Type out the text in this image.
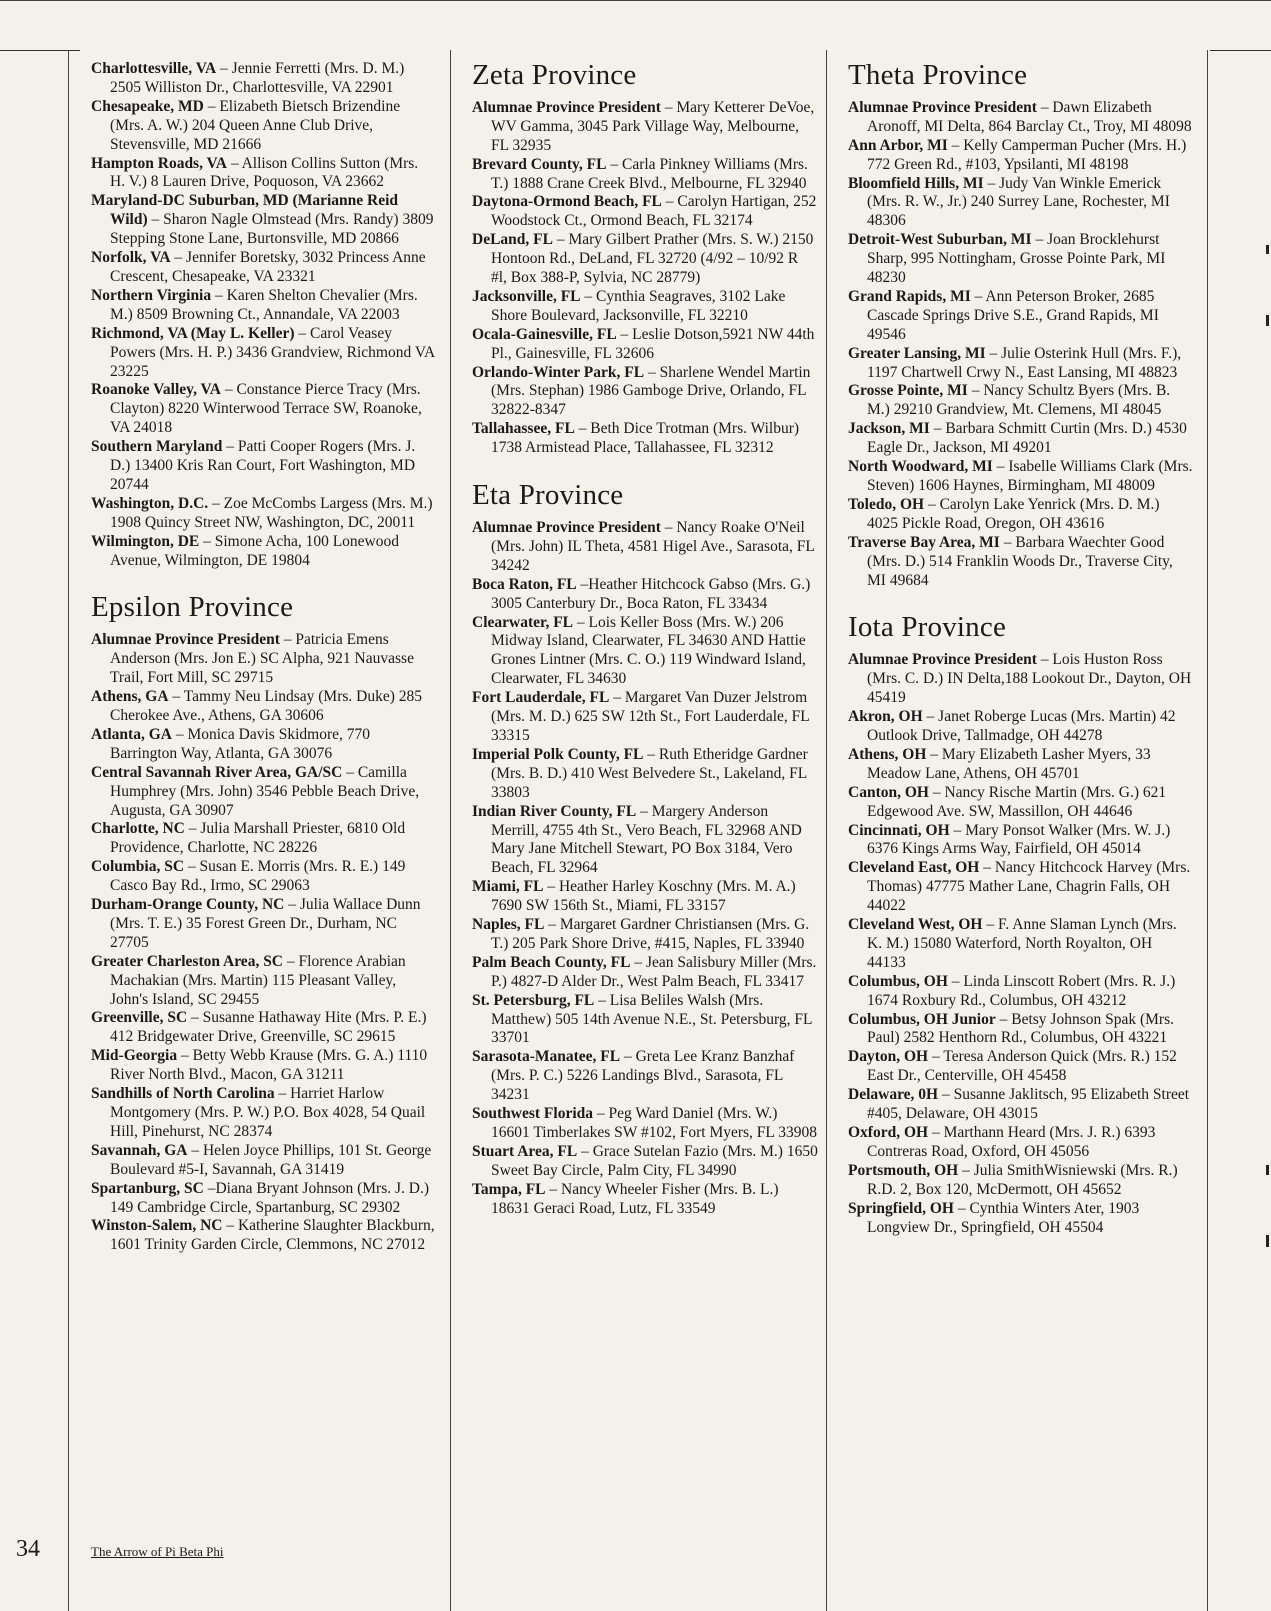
Charlottesville, VA – Jennie Ferretti (Mrs. D. M.) 2505 Williston Dr., Charlottesville, VA 22901

Chesapeake, MD – Elizabeth Bietsch Brizendine (Mrs. A. W.) 204 Queen Anne Club Drive, Stevensville, MD 21666

Hampton Roads, VA – Allison Collins Sutton (Mrs. H. V.) 8 Lauren Drive, Poquoson, VA 23662

Maryland-DC Suburban, MD (Marianne Reid Wild) – Sharon Nagle Olmstead (Mrs. Randy) 3809 Stepping Stone Lane, Burtonsville, MD 20866

Norfolk, VA – Jennifer Boretsky, 3032 Princess Anne Crescent, Chesapeake, VA 23321

Northern Virginia – Karen Shelton Chevalier (Mrs. M.) 8509 Browning Ct., Annandale, VA 22003

Richmond, VA (May L. Keller) – Carol Veasey Powers (Mrs. H. P.) 3436 Grandview, Richmond VA 23225

Roanoke Valley, VA – Constance Pierce Tracy (Mrs. Clayton) 8220 Winterwood Terrace SW, Roanoke, VA 24018

Southern Maryland – Patti Cooper Rogers (Mrs. J. D.) 13400 Kris Ran Court, Fort Washington, MD 20744

Washington, D.C. – Zoe McCombs Largess (Mrs. M.) 1908 Quincy Street NW, Washington, DC, 20011

Wilmington, DE – Simone Acha, 100 Lonewood Avenue, Wilmington, DE 19804

Epsilon Province

Alumnae Province President – Patricia Emens Anderson (Mrs. Jon E.) SC Alpha, 921 Nauvasse Trail, Fort Mill, SC 29715

Athens, GA – Tammy Neu Lindsay (Mrs. Duke) 285 Cherokee Ave., Athens, GA 30606

Atlanta, GA – Monica Davis Skidmore, 770 Barrington Way, Atlanta, GA 30076

Central Savannah River Area, GA/SC – Camilla Humphrey (Mrs. John) 3546 Pebble Beach Drive, Augusta, GA 30907

Charlotte, NC – Julia Marshall Priester, 6810 Old Providence, Charlotte, NC 28226

Columbia, SC – Susan E. Morris (Mrs. R. E.) 149 Casco Bay Rd., Irmo, SC 29063

Durham-Orange County, NC – Julia Wallace Dunn (Mrs. T. E.) 35 Forest Green Dr., Durham, NC 27705

Greater Charleston Area, SC – Florence Arabian Machakian (Mrs. Martin) 115 Pleasant Valley, John's Island, SC 29455

Greenville, SC – Susanne Hathaway Hite (Mrs. P. E.) 412 Bridgewater Drive, Greenville, SC 29615

Mid-Georgia – Betty Webb Krause (Mrs. G. A.) 1110 River North Blvd., Macon, GA 31211

Sandhills of North Carolina – Harriet Harlow Montgomery (Mrs. P. W.) P.O. Box 4028, 54 Quail Hill, Pinehurst, NC 28374

Savannah, GA – Helen Joyce Phillips, 101 St. George Boulevard #5-I, Savannah, GA 31419

Spartanburg, SC –Diana Bryant Johnson (Mrs. J. D.) 149 Cambridge Circle, Spartanburg, SC 29302

Winston-Salem, NC – Katherine Slaughter Blackburn, 1601 Trinity Garden Circle, Clemmons, NC 27012

Zeta Province

Alumnae Province President – Mary Ketterer DeVoe, WV Gamma, 3045 Park Village Way, Melbourne, FL 32935

Brevard County, FL – Carla Pinkney Williams (Mrs. T.) 1888 Crane Creek Blvd., Melbourne, FL 32940

Daytona-Ormond Beach, FL – Carolyn Hartigan, 252 Woodstock Ct., Ormond Beach, FL 32174

DeLand, FL – Mary Gilbert Prather (Mrs. S. W.) 2150 Hontoon Rd., DeLand, FL 32720 (4/92 – 10/92 R #l, Box 388-P, Sylvia, NC 28779)

Jacksonville, FL – Cynthia Seagraves, 3102 Lake Shore Boulevard, Jacksonville, FL 32210

Ocala-Gainesville, FL – Leslie Dotson,5921 NW 44th Pl., Gainesville, FL 32606

Orlando-Winter Park, FL – Sharlene Wendel Martin (Mrs. Stephan) 1986 Gamboge Drive, Orlando, FL 32822-8347

Tallahassee, FL – Beth Dice Trotman (Mrs. Wilbur) 1738 Armistead Place, Tallahassee, FL 32312

Eta Province

Alumnae Province President – Nancy Roake O'Neil (Mrs. John) IL Theta, 4581 Higel Ave., Sarasota, FL 34242

Boca Raton, FL –Heather Hitchcock Gabso (Mrs. G.) 3005 Canterbury Dr., Boca Raton, FL 33434

Clearwater, FL – Lois Keller Boss (Mrs. W.) 206 Midway Island, Clearwater, FL 34630 AND Hattie Grones Lintner (Mrs. C. O.) 119 Windward Island, Clearwater, FL 34630

Fort Lauderdale, FL – Margaret Van Duzer Jelstrom (Mrs. M. D.) 625 SW 12th St., Fort Lauderdale, FL 33315

Imperial Polk County, FL – Ruth Etheridge Gardner (Mrs. B. D.) 410 West Belvedere St., Lakeland, FL 33803

Indian River County, FL – Margery Anderson Merrill, 4755 4th St., Vero Beach, FL 32968 AND Mary Jane Mitchell Stewart, PO Box 3184, Vero Beach, FL 32964

Miami, FL – Heather Harley Koschny (Mrs. M. A.) 7690 SW 156th St., Miami, FL 33157

Naples, FL – Margaret Gardner Christiansen (Mrs. G. T.) 205 Park Shore Drive, #415, Naples, FL 33940

Palm Beach County, FL – Jean Salisbury Miller (Mrs. P.) 4827-D Alder Dr., West Palm Beach, FL 33417

St. Petersburg, FL – Lisa Beliles Walsh (Mrs. Matthew) 505 14th Avenue N.E., St. Petersburg, FL 33701

Sarasota-Manatee, FL – Greta Lee Kranz Banzhaf (Mrs. P. C.) 5226 Landings Blvd., Sarasota, FL 34231

Southwest Florida – Peg Ward Daniel (Mrs. W.) 16601 Timberlakes SW #102, Fort Myers, FL 33908

Stuart Area, FL – Grace Sutelan Fazio (Mrs. M.) 1650 Sweet Bay Circle, Palm City, FL 34990

Tampa, FL – Nancy Wheeler Fisher (Mrs. B. L.) 18631 Geraci Road, Lutz, FL 33549

Theta Province

Alumnae Province President – Dawn Elizabeth Aronoff, MI Delta, 864 Barclay Ct., Troy, MI 48098

Ann Arbor, MI – Kelly Camperman Pucher (Mrs. H.) 772 Green Rd., #103, Ypsilanti, MI 48198

Bloomfield Hills, MI – Judy Van Winkle Emerick (Mrs. R. W., Jr.) 240 Surrey Lane, Rochester, MI 48306

Detroit-West Suburban, MI – Joan Brocklehurst Sharp, 995 Nottingham, Grosse Pointe Park, MI 48230

Grand Rapids, MI – Ann Peterson Broker, 2685 Cascade Springs Drive S.E., Grand Rapids, MI 49546

Greater Lansing, MI – Julie Osterink Hull (Mrs. F.), 1197 Chartwell Crwy N., East Lansing, MI 48823

Grosse Pointe, MI – Nancy Schultz Byers (Mrs. B. M.) 29210 Grandview, Mt. Clemens, MI 48045

Jackson, MI – Barbara Schmitt Curtin (Mrs. D.) 4530 Eagle Dr., Jackson, MI 49201

North Woodward, MI – Isabelle Williams Clark (Mrs. Steven) 1606 Haynes, Birmingham, MI 48009

Toledo, OH – Carolyn Lake Yenrick (Mrs. D. M.) 4025 Pickle Road, Oregon, OH 43616

Traverse Bay Area, MI – Barbara Waechter Good (Mrs. D.) 514 Franklin Woods Dr., Traverse City, MI 49684

Iota Province

Alumnae Province President – Lois Huston Ross (Mrs. C. D.) IN Delta,188 Lookout Dr., Dayton, OH 45419

Akron, OH – Janet Roberge Lucas (Mrs. Martin) 42 Outlook Drive, Tallmadge, OH 44278

Athens, OH – Mary Elizabeth Lasher Myers, 33 Meadow Lane, Athens, OH 45701

Canton, OH – Nancy Rische Martin (Mrs. G.) 621 Edgewood Ave. SW, Massillon, OH 44646

Cincinnati, OH – Mary Ponsot Walker (Mrs. W. J.) 6376 Kings Arms Way, Fairfield, OH 45014

Cleveland East, OH – Nancy Hitchcock Harvey (Mrs. Thomas) 47775 Mather Lane, Chagrin Falls, OH 44022

Cleveland West, OH – F. Anne Slaman Lynch (Mrs. K. M.) 15080 Waterford, North Royalton, OH 44133

Columbus, OH – Linda Linscott Robert (Mrs. R. J.) 1674 Roxbury Rd., Columbus, OH 43212

Columbus, OH Junior – Betsy Johnson Spak (Mrs. Paul) 2582 Henthorn Rd., Columbus, OH 43221

Dayton, OH – Teresa Anderson Quick (Mrs. R.) 152 East Dr., Centerville, OH 45458

Delaware, 0H – Susanne Jaklitsch, 95 Elizabeth Street #405, Delaware, OH 43015

Oxford, OH – Marthann Heard (Mrs. J. R.) 6393 Contreras Road, Oxford, OH 45056

Portsmouth, OH – Julia SmithWisniewski (Mrs. R.) R.D. 2, Box 120, McDermott, OH 45652

Springfield, OH – Cynthia Winters Ater, 1903 Longview Dr., Springfield, OH 45504

34	The Arrow of Pi Beta Phi
